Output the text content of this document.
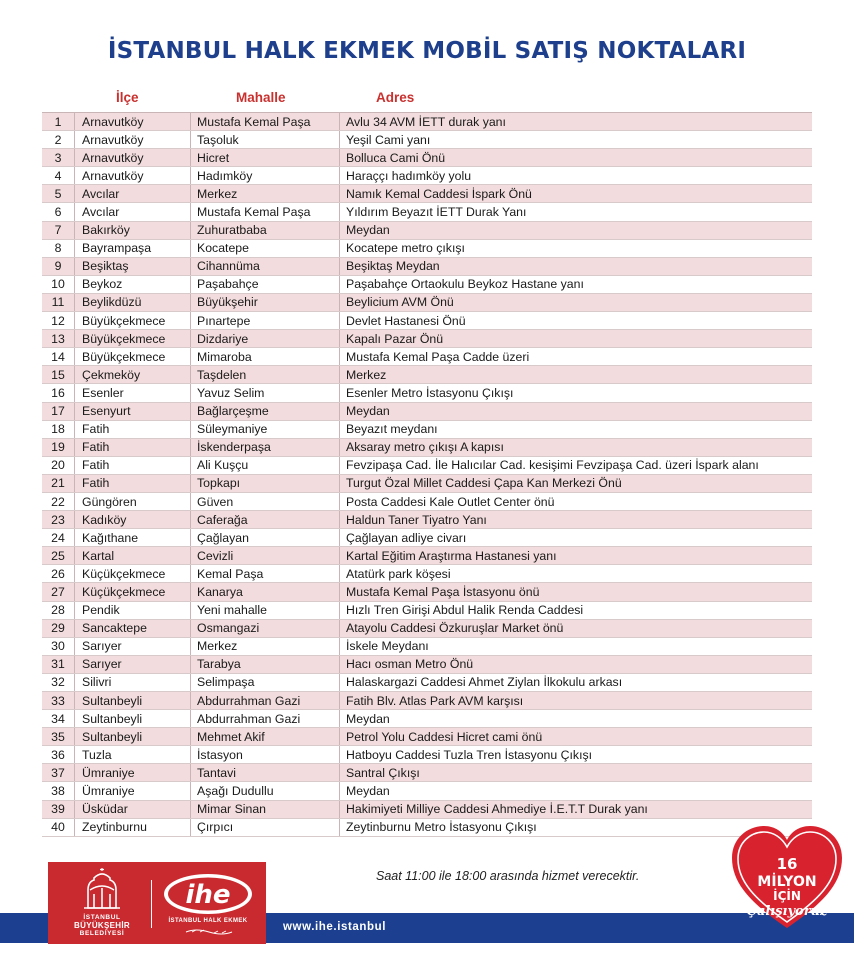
İSTANBUL HALK EKMEK MOBİL SATIŞ NOKTALARI
İlçe	Mahalle	Adres
1	Arnavutköy	Mustafa Kemal Paşa	Avlu 34 AVM İETT durak yanı
2	Arnavutköy	Taşoluk	Yeşil Cami yanı
3	Arnavutköy	Hicret	Bolluca Cami Önü
4	Arnavutköy	Hadımköy	Haraççı hadımköy yolu
5	Avcılar	Merkez	Namık Kemal Caddesi İspark Önü
6	Avcılar	Mustafa Kemal Paşa	Yıldırım Beyazıt İETT Durak Yanı
7	Bakırköy	Zuhuratbaba	Meydan
8	Bayrampaşa	Kocatepe	Kocatepe metro çıkışı
9	Beşiktaş	Cihannüma	Beşiktaş Meydan
10	Beykoz	Paşabahçe	Paşabahçe Ortaokulu Beykoz Hastane yanı
11	Beylikdüzü	Büyükşehir	Beylicium AVM Önü
12	Büyükçekmece	Pınartepe	Devlet Hastanesi Önü
13	Büyükçekmece	Dizdariye	Kapalı Pazar Önü
14	Büyükçekmece	Mimaroba	Mustafa Kemal Paşa Cadde üzeri
15	Çekmeköy	Taşdelen	Merkez
16	Esenler	Yavuz Selim	Esenler Metro İstasyonu Çıkışı
17	Esenyurt	Bağlarçeşme	Meydan
18	Fatih	Süleymaniye	Beyazıt meydanı
19	Fatih	İskenderpaşa	Aksaray metro çıkışı A kapısı
20	Fatih	Ali Kuşçu	Fevzipaşa Cad. İle Halıcılar Cad. kesişimi Fevzipaşa Cad. üzeri İspark alanı
21	Fatih	Topkapı	Turgut Özal Millet Caddesi Çapa Kan Merkezi Önü
22	Güngören	Güven	Posta Caddesi Kale Outlet Center önü
23	Kadıköy	Caferağa	Haldun Taner Tiyatro Yanı
24	Kağıthane	Çağlayan	Çağlayan adliye civarı
25	Kartal	Cevizli	Kartal Eğitim Araştırma Hastanesi yanı
26	Küçükçekmece	Kemal Paşa	Atatürk park köşesi
27	Küçükçekmece	Kanarya	Mustafa Kemal Paşa İstasyonu önü
28	Pendik	Yeni mahalle	Hızlı Tren Girişi Abdul Halik Renda Caddesi
29	Sancaktepe	Osmangazi	Atayolu Caddesi Özkuruşlar Market önü
30	Sarıyer	Merkez	İskele Meydanı
31	Sarıyer	Tarabya	Hacı osman Metro Önü
32	Silivri	Selimpaşa	Halaskargazi Caddesi Ahmet Ziylan İlkokulu arkası
33	Sultanbeyli	Abdurrahman Gazi	Fatih Blv. Atlas Park AVM karşısı
34	Sultanbeyli	Abdurrahman Gazi	Meydan
35	Sultanbeyli	Mehmet Akif	Petrol Yolu Caddesi Hicret cami önü
36	Tuzla	İstasyon	Hatboyu Caddesi Tuzla Tren İstasyonu Çıkışı
37	Ümraniye	Tantavi	Santral Çıkışı
38	Ümraniye	Aşağı Dudullu	Meydan
39	Üsküdar	Mimar Sinan	Hakimiyeti Milliye Caddesi Ahmediye İ.E.T.T Durak yanı
40	Zeytinburnu	Çırpıcı	Zeytinburnu Metro İstasyonu Çıkışı
Saat 11:00 ile 18:00 arasında hizmet verecektir.
www.ihe.istanbul
İSTANBUL
BÜYÜKŞEHİR
BELEDİYESİ
ihe
İSTANBUL HALK EKMEK
16
MİLYON
İÇİN
Çalışıyoruz
